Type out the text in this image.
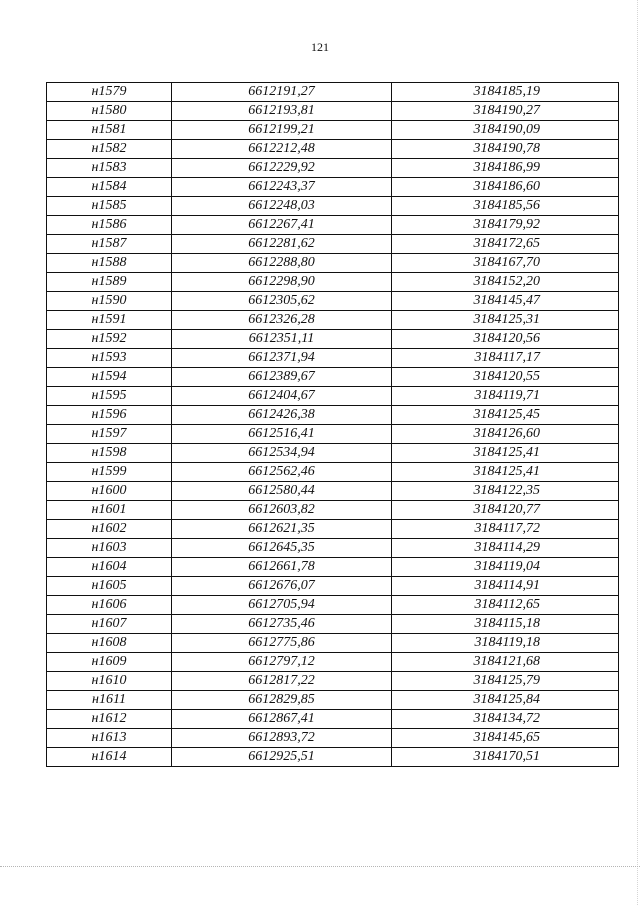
121
н1579	6612191,27	3184185,19
н1580	6612193,81	3184190,27
н1581	6612199,21	3184190,09
н1582	6612212,48	3184190,78
н1583	6612229,92	3184186,99
н1584	6612243,37	3184186,60
н1585	6612248,03	3184185,56
н1586	6612267,41	3184179,92
н1587	6612281,62	3184172,65
н1588	6612288,80	3184167,70
н1589	6612298,90	3184152,20
н1590	6612305,62	3184145,47
н1591	6612326,28	3184125,31
н1592	6612351,11	3184120,56
н1593	6612371,94	3184117,17
н1594	6612389,67	3184120,55
н1595	6612404,67	3184119,71
н1596	6612426,38	3184125,45
н1597	6612516,41	3184126,60
н1598	6612534,94	3184125,41
н1599	6612562,46	3184125,41
н1600	6612580,44	3184122,35
н1601	6612603,82	3184120,77
н1602	6612621,35	3184117,72
н1603	6612645,35	3184114,29
н1604	6612661,78	3184119,04
н1605	6612676,07	3184114,91
н1606	6612705,94	3184112,65
н1607	6612735,46	3184115,18
н1608	6612775,86	3184119,18
н1609	6612797,12	3184121,68
н1610	6612817,22	3184125,79
н1611	6612829,85	3184125,84
н1612	6612867,41	3184134,72
н1613	6612893,72	3184145,65
н1614	6612925,51	3184170,51
